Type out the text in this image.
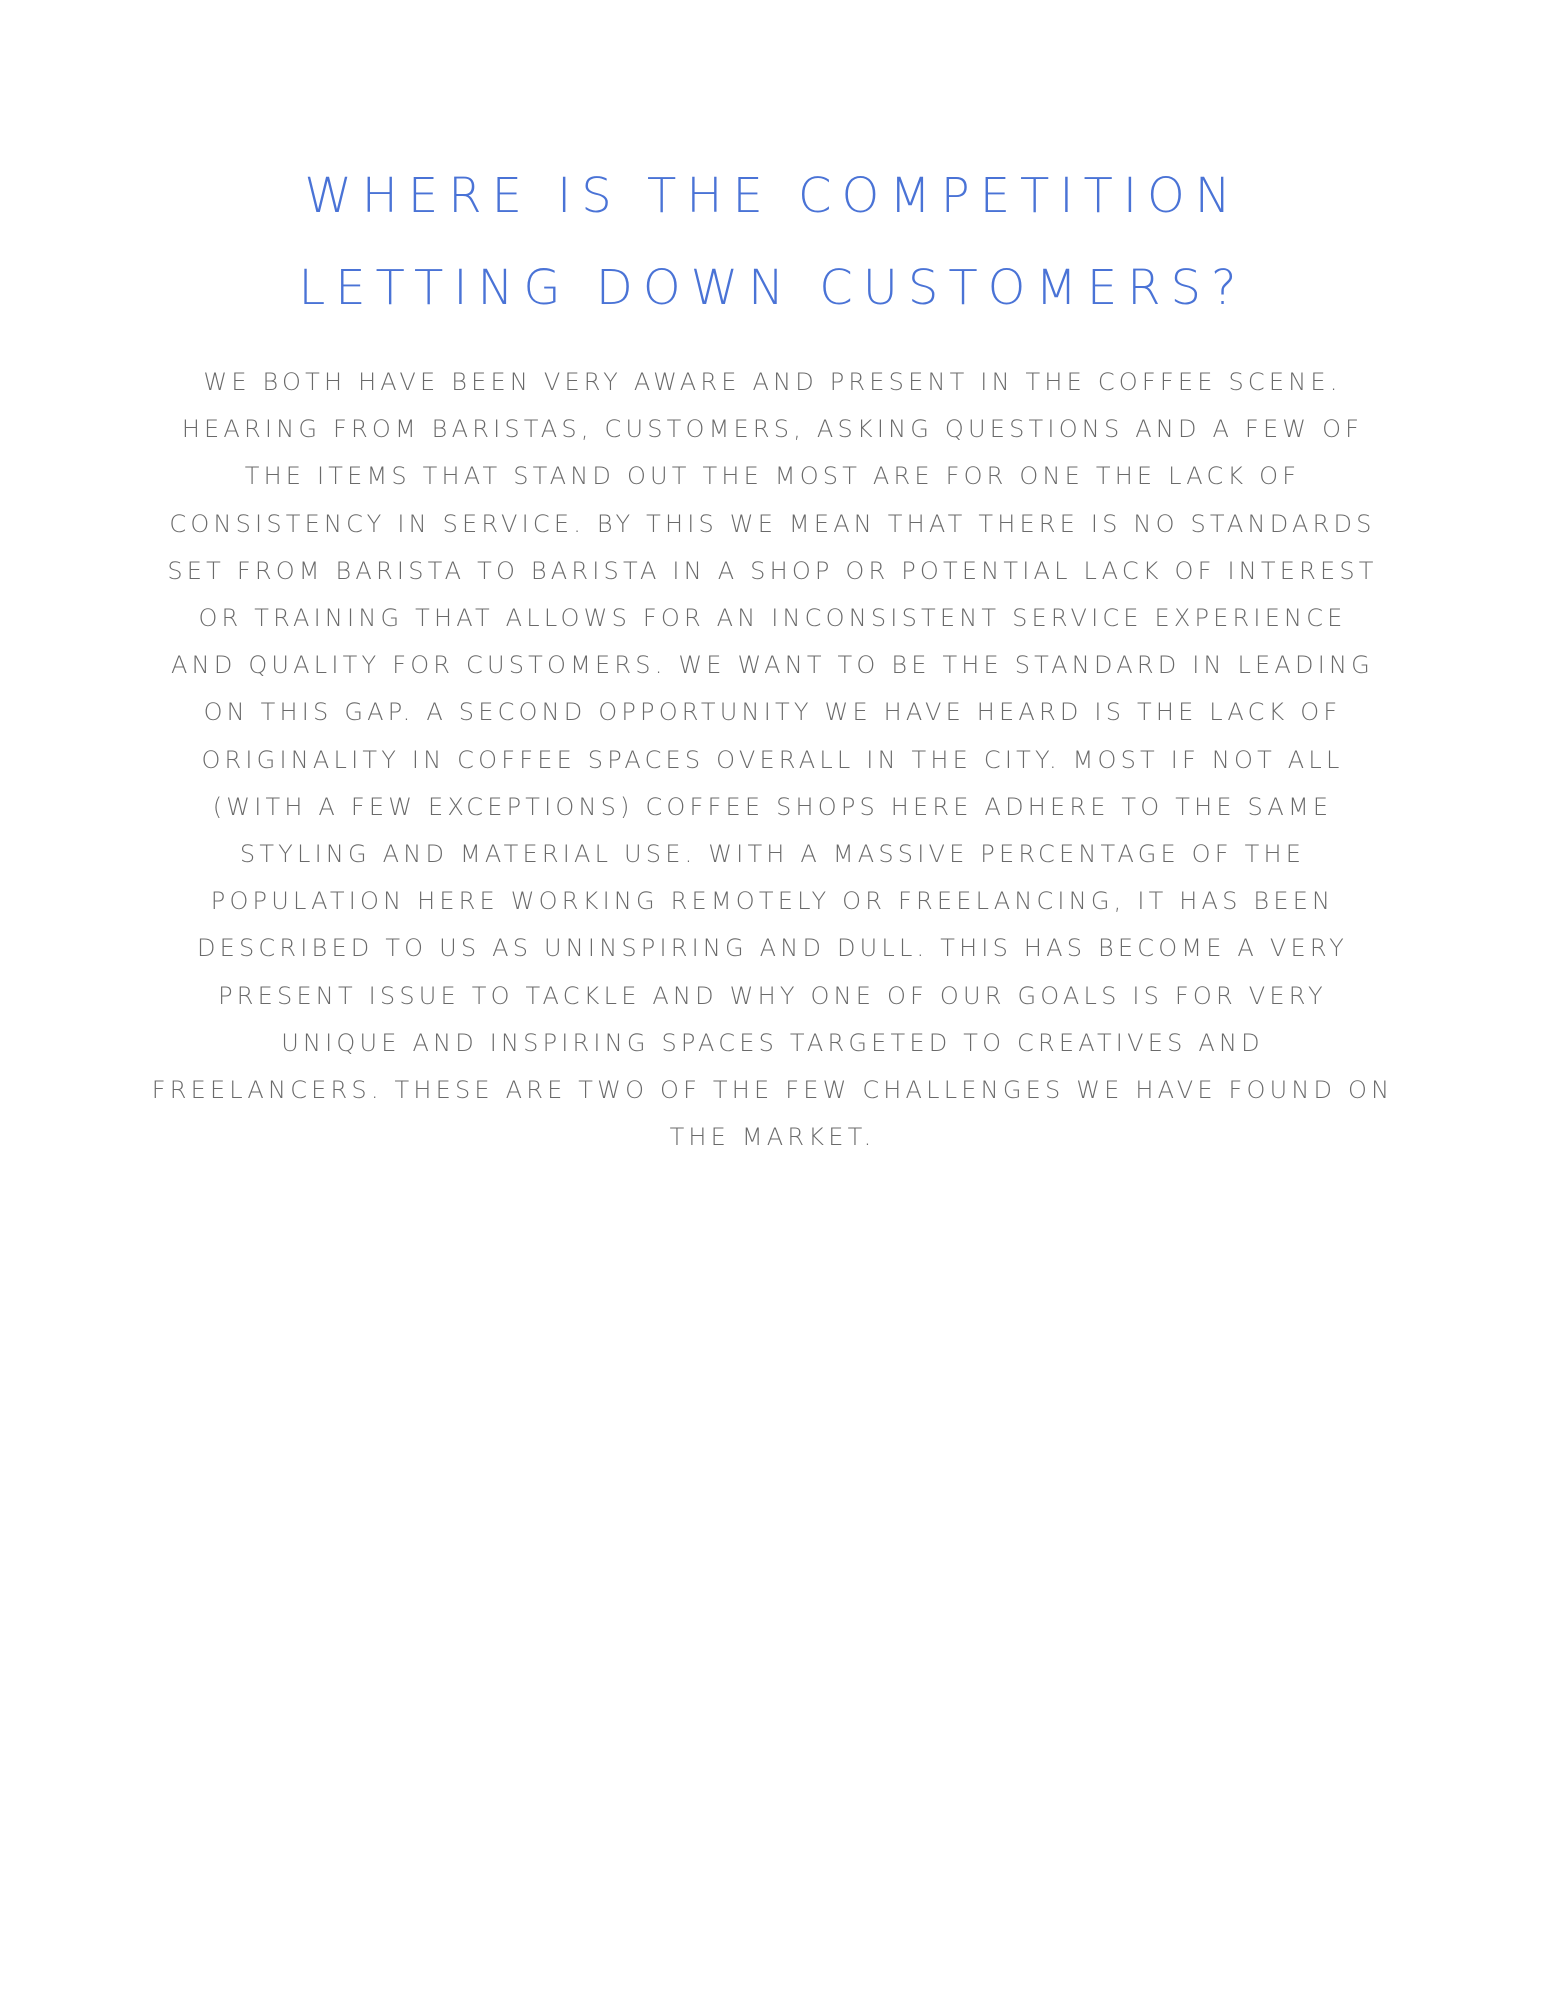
WHERE IS THE COMPETITION
LETTING DOWN CUSTOMERS?

WE BOTH HAVE BEEN VERY AWARE AND PRESENT IN THE COFFEE SCENE.
HEARING FROM BARISTAS, CUSTOMERS, ASKING QUESTIONS AND A FEW OF
THE ITEMS THAT STAND OUT THE MOST ARE FOR ONE THE LACK OF
CONSISTENCY IN SERVICE. BY THIS WE MEAN THAT THERE IS NO STANDARDS
SET FROM BARISTA TO BARISTA IN A SHOP OR POTENTIAL LACK OF INTEREST
OR TRAINING THAT ALLOWS FOR AN INCONSISTENT SERVICE EXPERIENCE
AND QUALITY FOR CUSTOMERS. WE WANT TO BE THE STANDARD IN LEADING
ON THIS GAP. A SECOND OPPORTUNITY WE HAVE HEARD IS THE LACK OF
ORIGINALITY IN COFFEE SPACES OVERALL IN THE CITY. MOST IF NOT ALL
(WITH A FEW EXCEPTIONS) COFFEE SHOPS HERE ADHERE TO THE SAME
STYLING AND MATERIAL USE. WITH A MASSIVE PERCENTAGE OF THE
POPULATION HERE WORKING REMOTELY OR FREELANCING, IT HAS BEEN
DESCRIBED TO US AS UNINSPIRING AND DULL. THIS HAS BECOME A VERY
PRESENT ISSUE TO TACKLE AND WHY ONE OF OUR GOALS IS FOR VERY
UNIQUE AND INSPIRING SPACES TARGETED TO CREATIVES AND
FREELANCERS. THESE ARE TWO OF THE FEW CHALLENGES WE HAVE FOUND ON
THE MARKET.
